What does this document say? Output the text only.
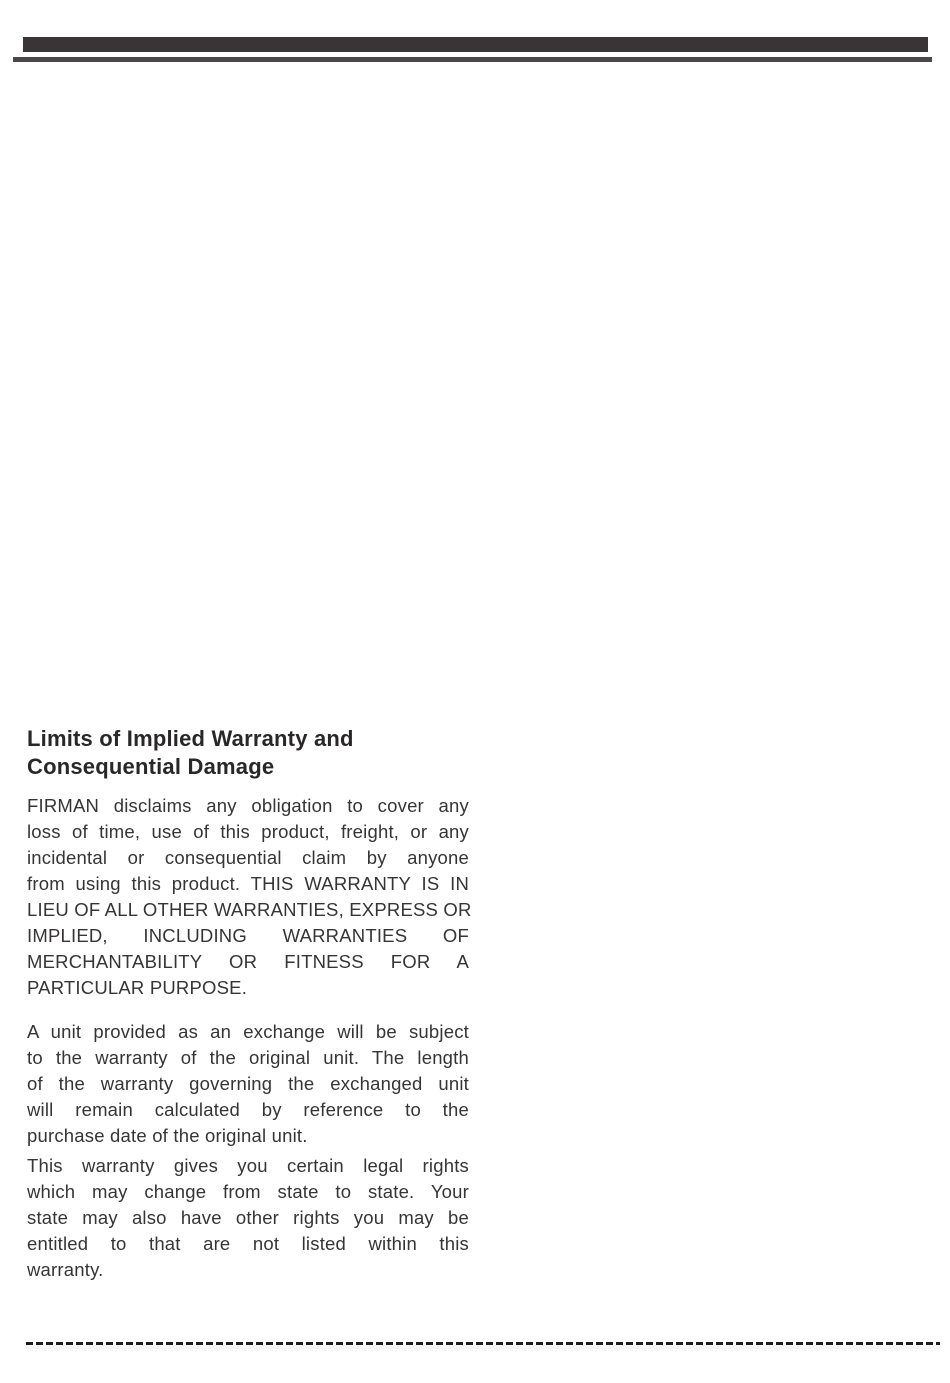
Limits of Implied Warranty and
Consequential Damage
FIRMAN disclaims any obligation to cover any
loss of time, use of this product, freight, or any
incidental or consequential claim by anyone
from using this product. THIS WARRANTY IS IN
LIEU OF ALL OTHER WARRANTIES, EXPRESS OR
IMPLIED, INCLUDING WARRANTIES OF
MERCHANTABILITY OR FITNESS FOR A
PARTICULAR PURPOSE.
A unit provided as an exchange will be subject
to the warranty of the original unit. The length
of the warranty governing the exchanged unit
will remain calculated by reference to the
purchase date of the original unit.
This warranty gives you certain legal rights
which may change from state to state. Your
state may also have other rights you may be
entitled to that are not listed within this
warranty.
